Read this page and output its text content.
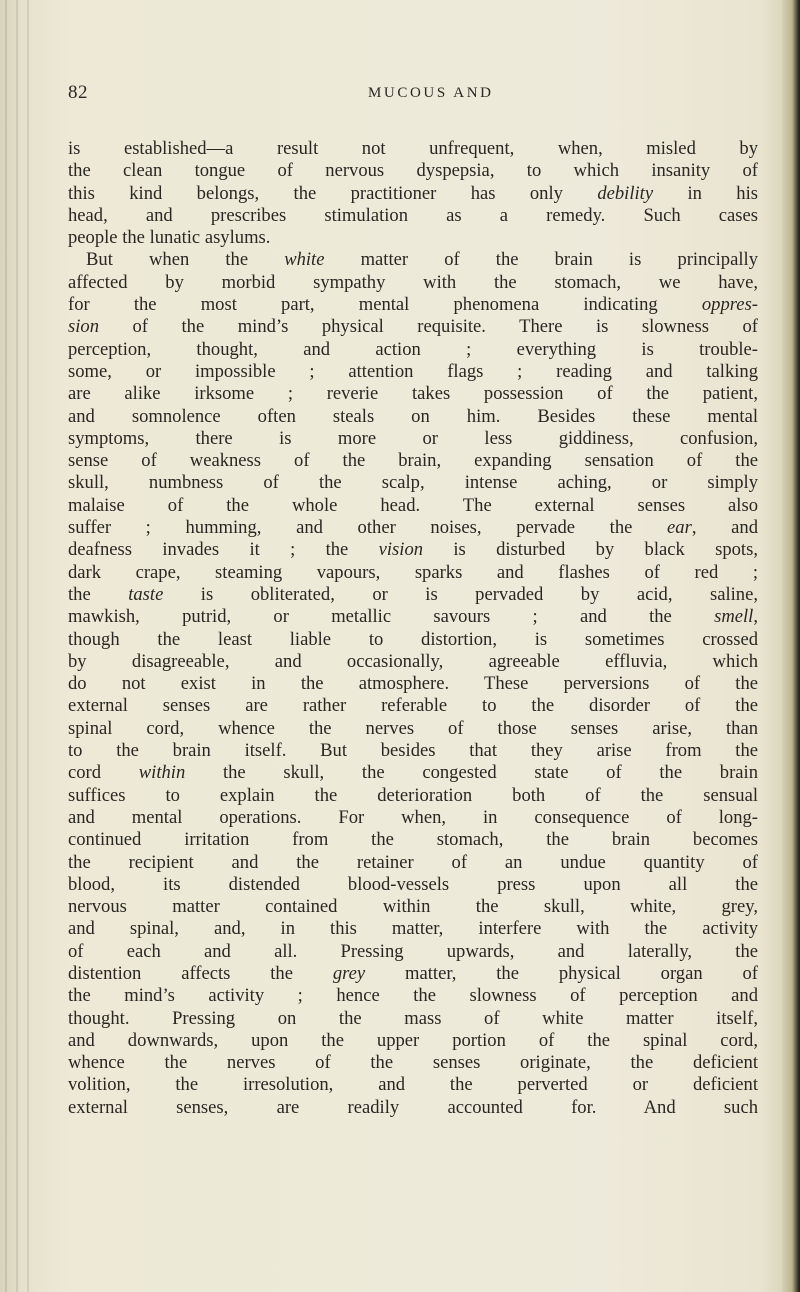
82	MUCOUS AND
is established—a result not unfrequent, when, misled by
the clean tongue of nervous dyspepsia, to which insanity of
this kind belongs, the practitioner has only debility in his
head, and prescribes stimulation as a remedy. Such cases
people the lunatic asylums.
But when the white matter of the brain is principally
affected by morbid sympathy with the stomach, we have,
for the most part, mental phenomena indicating oppres-
sion of the mind’s physical requisite. There is slowness of
perception, thought, and action ; everything is trouble-
some, or impossible ; attention flags ; reading and talking
are alike irksome ; reverie takes possession of the patient,
and somnolence often steals on him. Besides these mental
symptoms, there is more or less giddiness, confusion,
sense of weakness of the brain, expanding sensation of the
skull, numbness of the scalp, intense aching, or simply
malaise of the whole head. The external senses also
suffer ; humming, and other noises, pervade the ear, and
deafness invades it ; the vision is disturbed by black spots,
dark crape, steaming vapours, sparks and flashes of red ;
the taste is obliterated, or is pervaded by acid, saline,
mawkish, putrid, or metallic savours ; and the smell,
though the least liable to distortion, is sometimes crossed
by disagreeable, and occasionally, agreeable effluvia, which
do not exist in the atmosphere. These perversions of the
external senses are rather referable to the disorder of the
spinal cord, whence the nerves of those senses arise, than
to the brain itself. But besides that they arise from the
cord within the skull, the congested state of the brain
suffices to explain the deterioration both of the sensual
and mental operations. For when, in consequence of long-
continued irritation from the stomach, the brain becomes
the recipient and the retainer of an undue quantity of
blood, its distended blood-vessels press upon all the
nervous matter contained within the skull, white, grey,
and spinal, and, in this matter, interfere with the activity
of each and all. Pressing upwards, and laterally, the
distention affects the grey matter, the physical organ of
the mind’s activity ; hence the slowness of perception and
thought. Pressing on the mass of white matter itself,
and downwards, upon the upper portion of the spinal cord,
whence the nerves of the senses originate, the deficient
volition, the irresolution, and the perverted or deficient
external senses, are readily accounted for. And such
